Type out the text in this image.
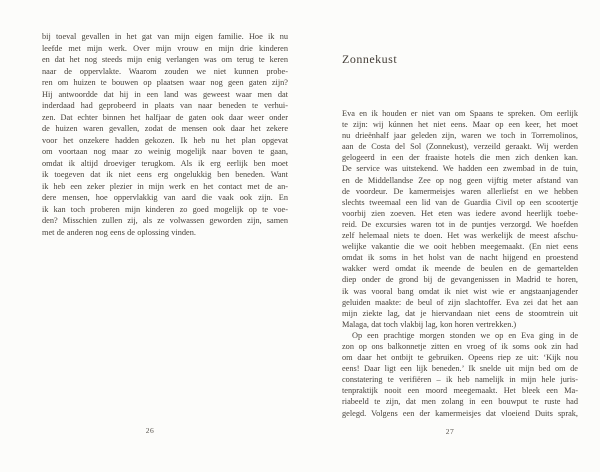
bij toeval gevallen in het gat van mijn eigen familie. Hoe ik nu
leefde met mijn werk. Over mijn vrouw en mijn drie kinderen
en dat het nog steeds mijn enig verlangen was om terug te keren
naar de oppervlakte. Waarom zouden we niet kunnen probe-
ren om huizen te bouwen op plaatsen waar nog geen gaten zijn?
Hij antwoordde dat hij in een land was geweest waar men dat
inderdaad had geprobeerd in plaats van naar beneden te verhui-
zen. Dat echter binnen het halfjaar de gaten ook daar weer onder
de huizen waren gevallen, zodat de mensen ook daar het zekere
voor het onzekere hadden gekozen. Ik heb nu het plan opgevat
om voortaan nog maar zo weinig mogelijk naar boven te gaan,
omdat ik altijd droeviger terugkom. Als ik erg eerlijk ben moet
ik toegeven dat ik niet eens erg ongelukkig ben beneden. Want
ik heb een zeker plezier in mijn werk en het contact met de an-
dere mensen, hoe oppervlakkig van aard die vaak ook zijn. En
ik kan toch proberen mijn kinderen zo goed mogelijk op te voe-
den? Misschien zullen zij, als ze volwassen geworden zijn, samen
met de anderen nog eens de oplossing vinden.
26
Zonnekust
Eva en ik houden er niet van om Spaans te spreken. Om eerlijk
te zijn: wij kúnnen het niet eens. Maar op een keer, het moet
nu drieënhalf jaar geleden zijn, waren we toch in Torremolinos,
aan de Costa del Sol (Zonnekust), verzeild geraakt. Wij werden
gelogeerd in een der fraaiste hotels die men zich denken kan.
De service was uitstekend. We hadden een zwembad in de tuin,
en de Middellandse Zee op nog geen vijftig meter afstand van
de voordeur. De kamermeisjes waren allerliefst en we hebben
slechts tweemaal een lid van de Guardia Civil op een scootertje
voorbij zien zoeven. Het eten was iedere avond heerlijk toebe-
reid. De excursies waren tot in de puntjes verzorgd. We hoefden
zelf helemaal niets te doen. Het was werkelijk de meest afschu-
welijke vakantie die we ooit hebben meegemaakt. (En niet eens
omdat ik soms in het holst van de nacht hijgend en proestend
wakker werd omdat ik meende de beulen en de gemartelden
diep onder de grond bij de gevangenissen in Madrid te horen,
ik was vooral bang omdat ik niet wist wie er angstaanjagender
geluiden maakte: de beul of zijn slachtoffer. Eva zei dat het aan
mijn ziekte lag, dat je hiervandaan niet eens de stoomtrein uit
Malaga, dat toch vlakbij lag, kon horen vertrekken.)
Op een prachtige morgen stonden we op en Eva ging in de
zon op ons balkonnetje zitten en vroeg of ik soms ook zin had
om daar het ontbijt te gebruiken. Opeens riep ze uit: ‘Kijk nou
eens! Daar ligt een lijk beneden.’ Ik snelde uit mijn bed om de
constatering te verifiëren – ik heb namelijk in mijn hele juris-
tenpraktijk nooit een moord meegemaakt. Het bleek een Ma-
riabeeld te zijn, dat men zolang in een bouwput te ruste had
gelegd. Volgens een der kamermeisjes dat vloeiend Duits sprak,
27
